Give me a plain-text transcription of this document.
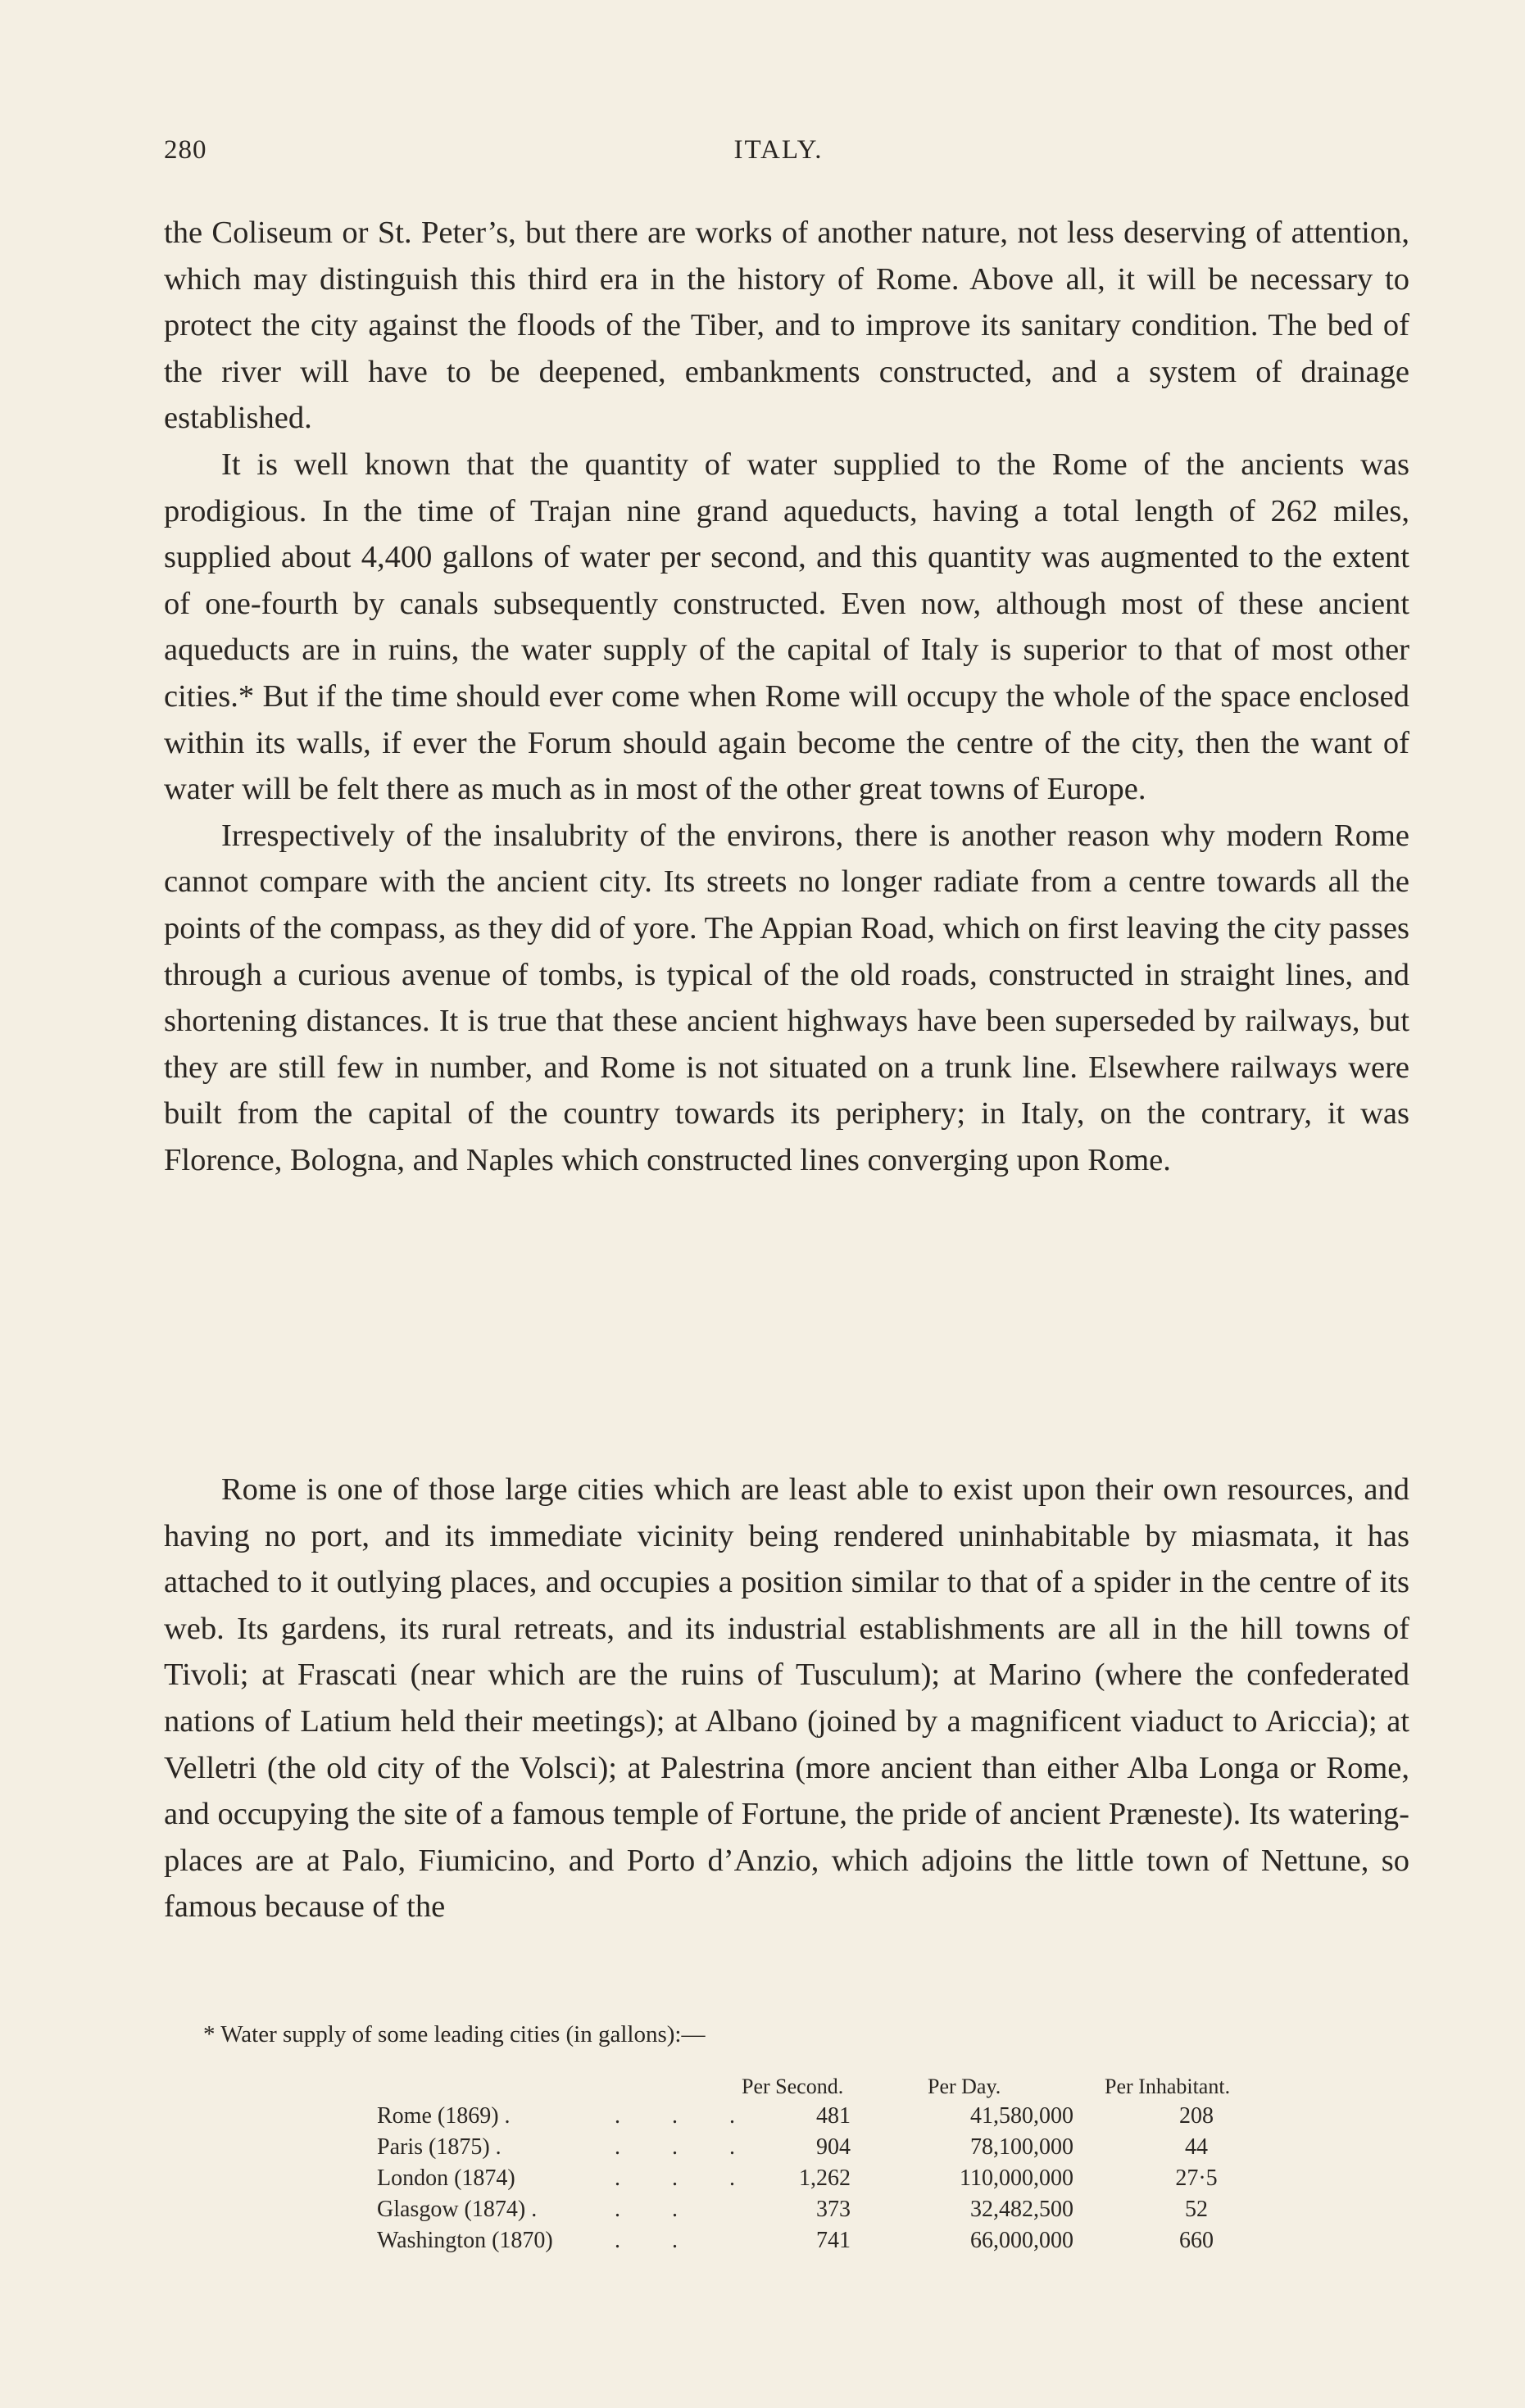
280	ITALY.

the Coliseum or St. Peter’s, but there are works of another nature, not less deserving of attention, which may distinguish this third era in the history of Rome. Above all, it will be necessary to protect the city against the floods of the Tiber, and to improve its sanitary condition. The bed of the river will have to be deepened, embankments constructed, and a system of drainage established.

It is well known that the quantity of water supplied to the Rome of the ancients was prodigious. In the time of Trajan nine grand aqueducts, having a total length of 262 miles, supplied about 4,400 gallons of water per second, and this quantity was augmented to the extent of one-fourth by canals subsequently constructed. Even now, although most of these ancient aqueducts are in ruins, the water supply of the capital of Italy is superior to that of most other cities.* But if the time should ever come when Rome will occupy the whole of the space enclosed within its walls, if ever the Forum should again become the centre of the city, then the want of water will be felt there as much as in most of the other great towns of Europe.

Irrespectively of the insalubrity of the environs, there is another reason why modern Rome cannot compare with the ancient city. Its streets no longer radiate from a centre towards all the points of the compass, as they did of yore. The Appian Road, which on first leaving the city passes through a curious avenue of tombs, is typical of the old roads, constructed in straight lines, and shortening distances. It is true that these ancient highways have been superseded by railways, but they are still few in number, and Rome is not situated on a trunk line. Elsewhere railways were built from the capital of the country towards its periphery; in Italy, on the contrary, it was Florence, Bologna, and Naples which constructed lines converging upon Rome.

Rome is one of those large cities which are least able to exist upon their own resources, and having no port, and its immediate vicinity being rendered uninhabitable by miasmata, it has attached to it outlying places, and occupies a position similar to that of a spider in the centre of its web. Its gardens, its rural retreats, and its industrial establishments are all in the hill towns of Tivoli; at Frascati (near which are the ruins of Tusculum); at Marino (where the confederated nations of Latium held their meetings); at Albano (joined by a magnificent viaduct to Ariccia); at Velletri (the old city of the Volsci); at Palestrina (more ancient than either Alba Longa or Rome, and occupying the site of a famous temple of Fortune, the pride of ancient Præneste). Its watering-places are at Palo, Fiumicino, and Porto d’Anzio, which adjoins the little town of Nettune, so famous because of the

* Water supply of some leading cities (in gallons):—
Per Second.	Per Day.	Per Inhabitant.
Rome (1869) .	. . .	481	41,580,000	208
Paris (1875) .	. . .	904	78,100,000	44
London (1874)	. . .	1,262	110,000,000	27·5
Glasgow (1874) .	. .	373	32,482,500	52
Washington (1870)	. .	741	66,000,000	660
